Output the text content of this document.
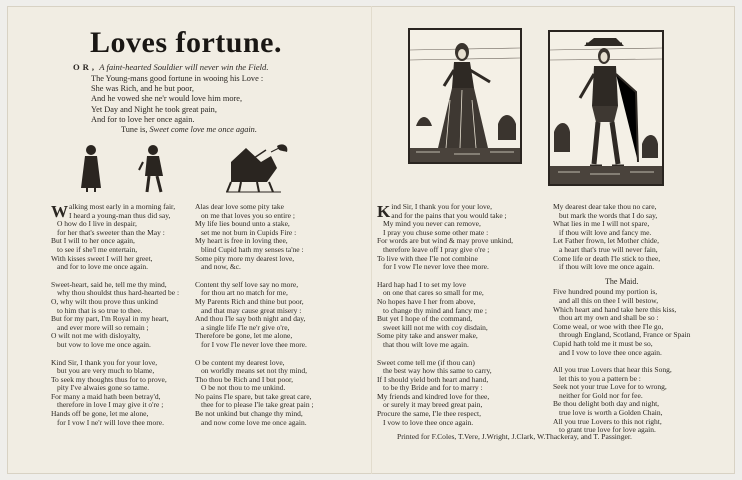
Loves fortune.
OR, A faint-hearted Souldier will never win the Field.
The Young-mans good fortune in wooing his Love :
She was Rich, and he but poor,
And he vowed she ne'r would love him more,
Yet Day and Night he took great pain,
And for to love her once again.
Tune is, Sweet come love me once again.
W alking most early in a morning fair,
I heard a young-man thus did say,
O how do I live in despair,
for her that's sweeter than the May :
But I will to her once again,
to see if she'l me entertain,
With kisses sweet I will her greet,
and for to love me once again.
Sweet-heart, said he, tell me thy mind,
why thou shouldst thus hard-hearted be :
O, why wilt thou prove thus unkind
to him that is so true to thee.
But for my part, I'm Royal in my heart,
and ever more will so remain ;
O wilt not me with disloyalty,
but vow to love me once again.
Kind Sir, I thank you for your love,
but you are very much to blame,
To seek my thoughts thus for to prove,
pity I've alwaies gone so tame.
For many a maid hath been betray'd,
therefore in love I may give it o're ;
Hands off be gone, let me alone,
for I vow I ne'r will love thee more.
Alas dear love some pity take
on me that loves you so entire ;
My life lies bound unto a stake,
set me not burn in Cupids Fire :
My heart is free in loving thee,
blind Cupid hath my senses ta'ne :
Some pity more my dearest love,
and now, &c.
Content thy self love say no more,
for thou art no match for me,
My Parents Rich and thine but poor,
and that may cause great misery :
And thou I'le say both night and day,
a single life I'le ne'r give o're,
Therefore be gone, let me alone,
for I vow I'le never love thee more.
O be content my dearest love,
on worldly means set not thy mind,
Tho thou be Rich and I but poor,
O be not thou to me unkind.
No pains I'le spare, but take great care,
thee for to please I'le take great pain ;
Be not unkind but change thy mind,
and now come love me once again.
K ind Sir, I thank you for your love,
and for the pains that you would take ;
My mind you never can remove,
I pray you chuse some other mate :
For words are but wind & may prove unkind,
therefore leave off I pray give o're ;
To live with thee I'le not combine
for I vow I'le never love thee more.
Hard hap had I to set my love
on one that cares so small for me,
No hopes have I her from above,
to change thy mind and fancy me ;
But yet I hope of the command,
sweet kill not me with coy disdain,
Some pity take and answer make,
that thou wilt love me again.
Sweet come tell me (if thou can)
the best way how this same to carry,
If I should yield both heart and hand,
to be thy Bride and for to marry :
My friends and kindred love for thee,
or surely it may breed great pain,
Procure the same, I'le thee respect,
I vow to love thee once again.
Printed for F.Coles, T.Vere, J.Wright, J.Clark, W.Thackeray, and T. Passinger.
My dearest dear take thou no care,
but mark the words that I do say,
What lies in me I will not spare,
if thou wilt love and fancy me.
Let Father frown, let Mother chide,
a heart that's true will never fain,
Come life or death I'le stick to thee,
if thou wilt love me once again.
The Maid.
Five hundred pound my portion is,
and all this on thee I will bestow,
Which heart and hand take here this kiss,
thou art my own and shall be so :
Come weal, or woe with thee I'le go,
through England, Scotland, France or Spain
Cupid hath told me it must be so,
and I vow to love thee once again.
All you true Lovers that hear this Song,
let this to you a pattern be :
Seek not your true Love for to wrong,
neither for Gold nor for fee.
Be thou delight both day and night,
true love is worth a Golden Chain,
All you true Lovers to this not right,
to grant true love for love again.
